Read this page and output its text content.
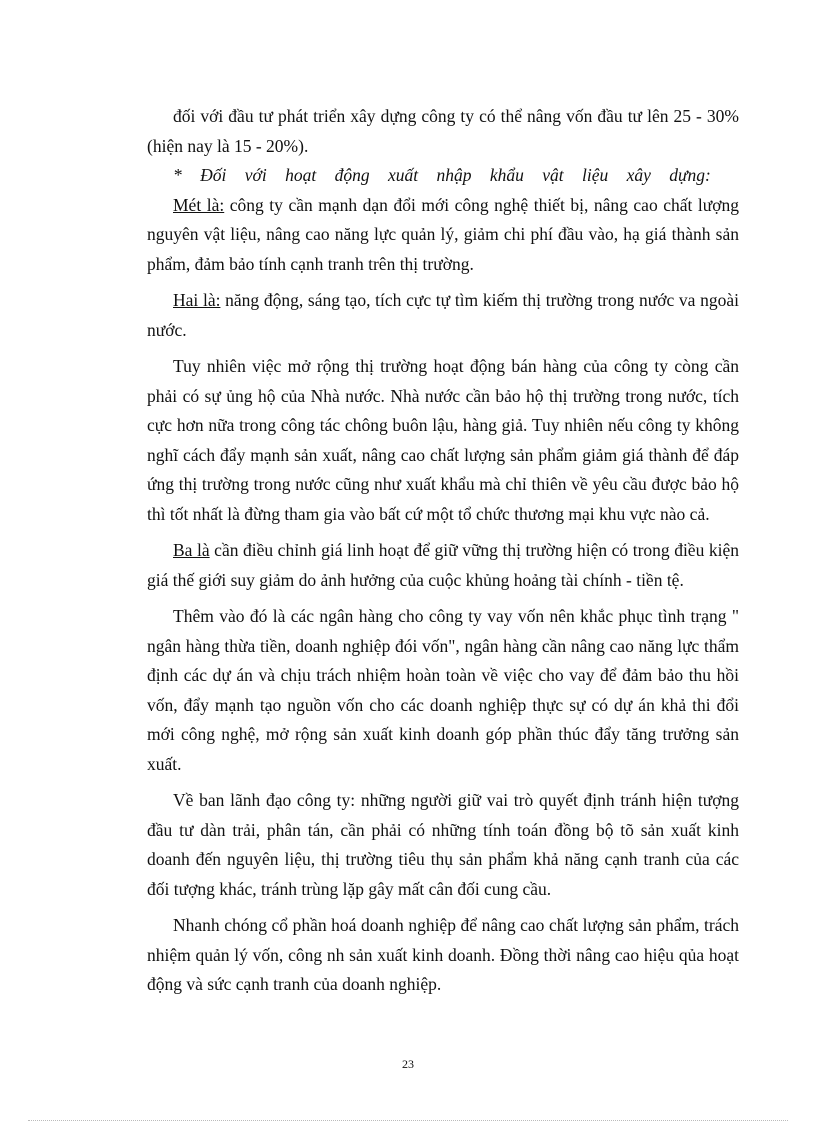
đối với đầu tư phát triển xây dựng công ty có thể nâng vốn đầu tư lên 25 - 30% (hiện nay là 15 - 20%).

* Đối với hoạt động xuất nhập khẩu vật liệu xây dựng:

Mét là: công ty cần mạnh dạn đổi mới công nghệ thiết bị, nâng cao chất lượng nguyên vật liệu, nâng cao năng lực quản lý, giảm chi phí đầu vào, hạ giá thành sản phẩm, đảm bảo tính cạnh tranh trên thị trường.

Hai là: năng động, sáng tạo, tích cực tự tìm kiếm thị trường trong nước va ngoài nước.

Tuy nhiên việc mở rộng thị trường hoạt động bán hàng của công ty còng cần phải có sự ủng hộ của Nhà nước. Nhà nước cần bảo hộ thị trường trong nước, tích cực hơn nữa trong công tác chông buôn lậu, hàng giả. Tuy nhiên nếu công ty không nghĩ cách đẩy mạnh sản xuất, nâng cao chất lượng sản phẩm giảm giá thành để đáp ứng thị trường trong nước cũng như xuất khẩu mà chỉ thiên về yêu cầu được bảo hộ thì tốt nhất là đừng tham gia vào bất cứ một tổ chức thương mại khu vực nào cả.

Ba là cần điều chỉnh giá linh hoạt để giữ vững thị trường hiện có trong điều kiện giá thế giới suy giảm do ảnh hưởng của cuộc khủng hoảng tài chính - tiền tệ.

Thêm vào đó là các ngân hàng cho công ty vay vốn nên khắc phục tình trạng " ngân hàng thừa tiền, doanh nghiệp đói vốn", ngân hàng cần nâng cao năng lực thẩm định các dự án và chịu trách nhiệm hoàn toàn về việc cho vay để đảm bảo thu hồi vốn, đẩy mạnh tạo nguồn vốn cho các doanh nghiệp thực sự có dự án khả thi đổi mới công nghệ, mở rộng sản xuất kinh doanh góp phần thúc đẩy tăng trưởng sản xuất.

Về ban lãnh đạo công ty: những người giữ vai trò quyết định tránh hiện tượng đầu tư dàn trải, phân tán, cần phải có những tính toán đồng bộ tõ sản xuất kinh doanh đến nguyên liệu, thị trường tiêu thụ sản phẩm khả năng cạnh tranh của các đối tượng khác, tránh trùng lặp gây mất cân đối cung cầu.

Nhanh chóng cổ phần hoá doanh nghiệp để nâng cao chất lượng sản phẩm, trách nhiệm quản lý vốn, công nh sản xuất kinh doanh. Đồng thời nâng cao hiệu qủa hoạt động và sức cạnh tranh của doanh nghiệp.

23
